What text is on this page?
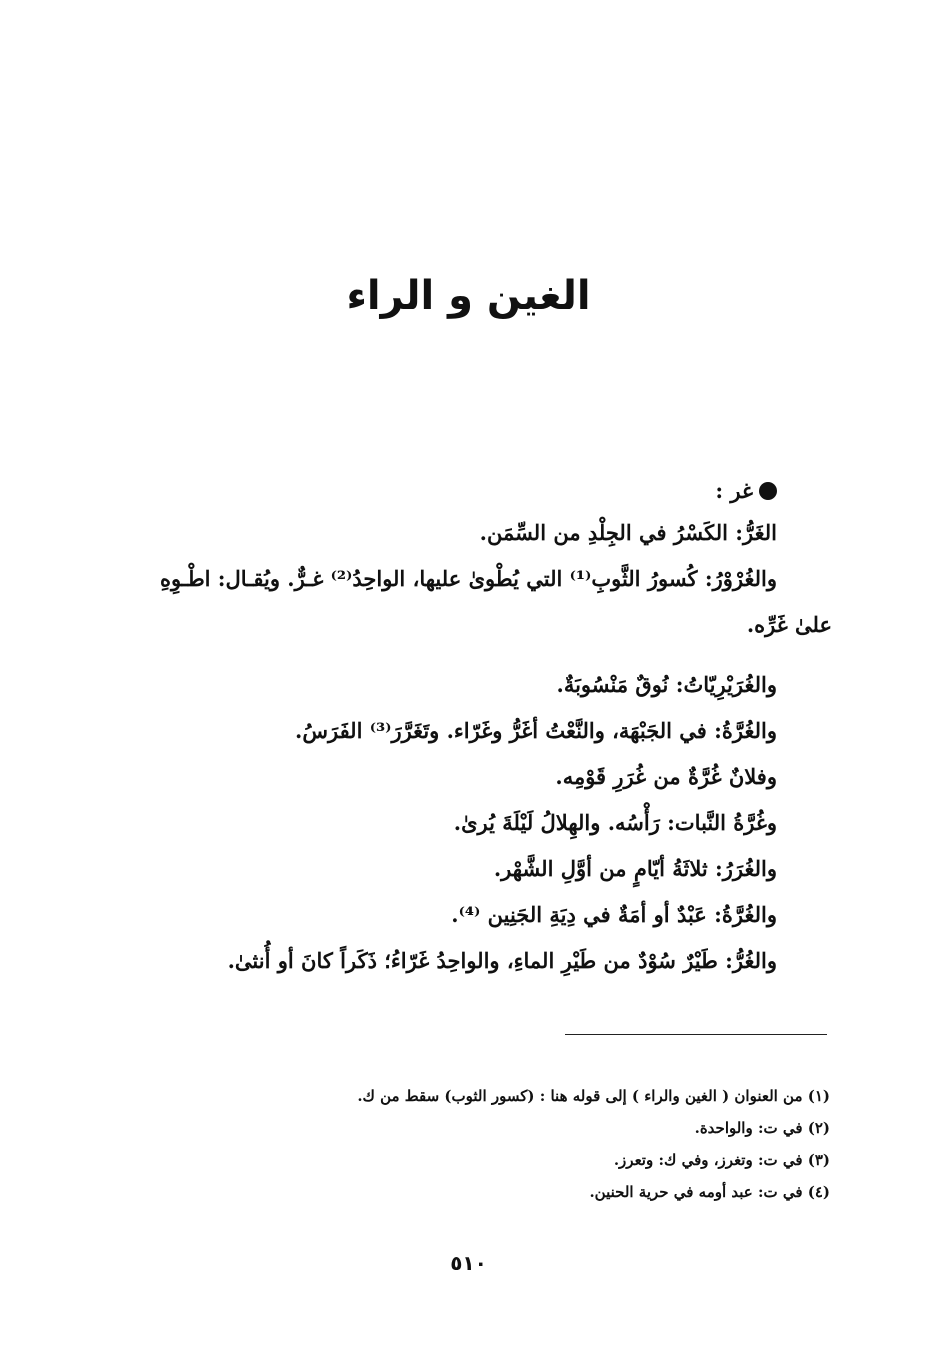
الغين و الراء
غر :
الغَرُّ: الكَسْرُ في الجِلْدِ من السِّمَن.
والغُرْوْرُ: كُسورُ الثَّوبِ⁽¹⁾ التي يُطْوىٰ عليها، الواحِدُ⁽²⁾ غـرٌّ. ويُقـال: اطْـوِهِ
علىٰ غَرِّه.
والغُرَيْرِيّاتُ: نُوقٌ مَنْسُوبَةٌ.
والغُرَّةُ: في الجَبْهَة، والنَّعْتُ أغَرُّ وغَرّاء. وتَغَرَّرَ⁽³⁾ الفَرَسُ.
وفلانٌ غُرَّةٌ من غُرَرِ قَوْمِه.
وغُرَّةُ النَّبات: رَأْسُه. والهِلالُ لَيْلَةَ يُرىٰ.
والغُرَرُ: ثلاثَةُ أيّامٍ من أوَّلِ الشَّهْر.
والغُرَّةُ: عَبْدٌ أو أمَةٌ في دِيَةِ الجَنِين ⁽⁴⁾.
والغُرُّ: طَيْرٌ سُوْدٌ من طَيْرِ الماءِ، والواحِدُ غَرّاءُ؛ ذَكَراً كانَ أو أُنثىٰ.
(١) من العنوان ( الغين والراء ) إلى قوله هنا : (كسور الثوب) سقط من ك.
(٢) في ت: والواحدة.
(٣) في ت: وتغرز، وفي ك: وتعرز.
(٤) في ت: عبد أومه في حرية الحنين.
٥١٠
